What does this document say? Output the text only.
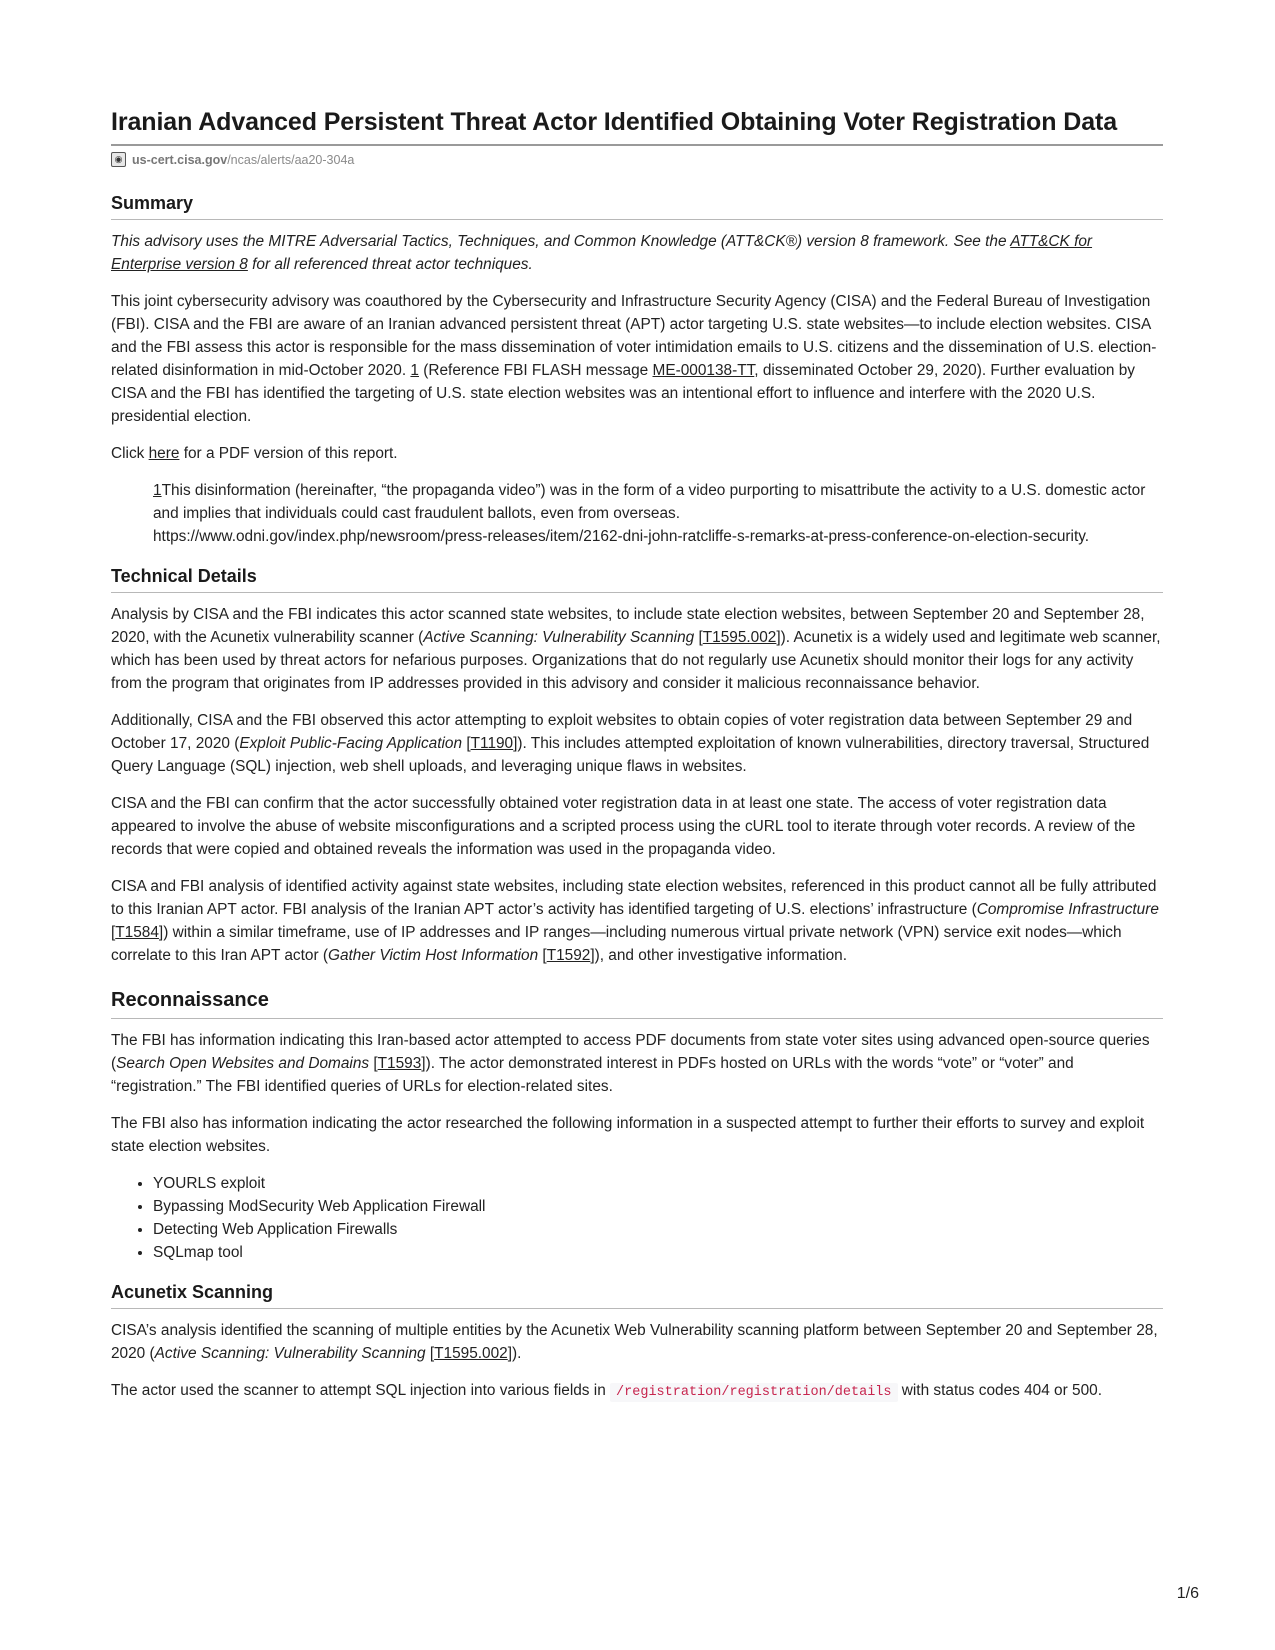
Iranian Advanced Persistent Threat Actor Identified Obtaining Voter Registration Data
◉ us-cert.cisa.gov /ncas/alerts/aa20-304a
Summary

This advisory uses the MITRE Adversarial Tactics, Techniques, and Common Knowledge (ATT&CK®) version 8 framework. See the ATT&CK for Enterprise version 8 for all referenced threat actor techniques.

This joint cybersecurity advisory was coauthored by the Cybersecurity and Infrastructure Security Agency (CISA) and the Federal Bureau of Investigation (FBI). CISA and the FBI are aware of an Iranian advanced persistent threat (APT) actor targeting U.S. state websites—to include election websites. CISA and the FBI assess this actor is responsible for the mass dissemination of voter intimidation emails to U.S. citizens and the dissemination of U.S. election-related disinformation in mid-October 2020. 1 (Reference FBI FLASH message ME-000138-TT, disseminated October 29, 2020). Further evaluation by CISA and the FBI has identified the targeting of U.S. state election websites was an intentional effort to influence and interfere with the 2020 U.S. presidential election.

Click here for a PDF version of this report.

1This disinformation (hereinafter, “the propaganda video”) was in the form of a video purporting to misattribute the activity to a U.S. domestic actor and implies that individuals could cast fraudulent ballots, even from overseas.
https://www.odni.gov/index.php/newsroom/press-releases/item/2162-dni-john-ratcliffe-s-remarks-at-press-conference-on-election-security.

Technical Details

Analysis by CISA and the FBI indicates this actor scanned state websites, to include state election websites, between September 20 and September 28, 2020, with the Acunetix vulnerability scanner (Active Scanning: Vulnerability Scanning [T1595.002]). Acunetix is a widely used and legitimate web scanner, which has been used by threat actors for nefarious purposes. Organizations that do not regularly use Acunetix should monitor their logs for any activity from the program that originates from IP addresses provided in this advisory and consider it malicious reconnaissance behavior.

Additionally, CISA and the FBI observed this actor attempting to exploit websites to obtain copies of voter registration data between September 29 and October 17, 2020 (Exploit Public-Facing Application [T1190]). This includes attempted exploitation of known vulnerabilities, directory traversal, Structured Query Language (SQL) injection, web shell uploads, and leveraging unique flaws in websites.

CISA and the FBI can confirm that the actor successfully obtained voter registration data in at least one state. The access of voter registration data appeared to involve the abuse of website misconfigurations and a scripted process using the cURL tool to iterate through voter records. A review of the records that were copied and obtained reveals the information was used in the propaganda video.

CISA and FBI analysis of identified activity against state websites, including state election websites, referenced in this product cannot all be fully attributed to this Iranian APT actor. FBI analysis of the Iranian APT actor’s activity has identified targeting of U.S. elections’ infrastructure (Compromise Infrastructure [T1584]) within a similar timeframe, use of IP addresses and IP ranges—including numerous virtual private network (VPN) service exit nodes—which correlate to this Iran APT actor (Gather Victim Host Information [T1592]), and other investigative information.

Reconnaissance

The FBI has information indicating this Iran-based actor attempted to access PDF documents from state voter sites using advanced open-source queries (Search Open Websites and Domains [T1593]). The actor demonstrated interest in PDFs hosted on URLs with the words “vote” or “voter” and “registration.” The FBI identified queries of URLs for election-related sites.

The FBI also has information indicating the actor researched the following information in a suspected attempt to further their efforts to survey and exploit state election websites.

• YOURLS exploit
• Bypassing ModSecurity Web Application Firewall
• Detecting Web Application Firewalls
• SQLmap tool
Acunetix Scanning

CISA’s analysis identified the scanning of multiple entities by the Acunetix Web Vulnerability scanning platform between September 20 and September 28, 2020 (Active Scanning: Vulnerability Scanning [T1595.002]).

The actor used the scanner to attempt SQL injection into various fields in /registration/registration/details with status codes 404 or 500.

1/6
